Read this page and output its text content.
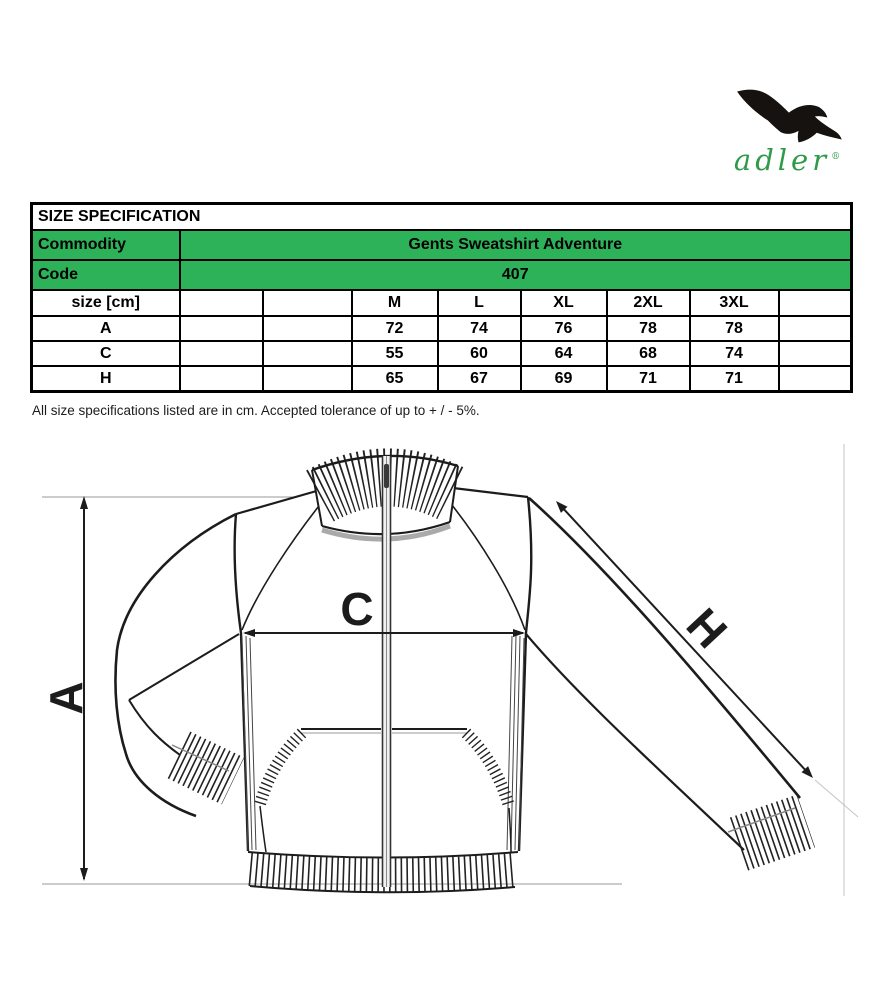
adler®
SIZE SPECIFICATION								
Commodity	Gents Sweatshirt Adventure							
Code	407							
size [cm]			M	L	XL	2XL	3XL	
A			72	74	76	78	78	
C			55	60	64	68	74	
H			65	67	69	71	71	
All size specifications listed are in cm. Accepted tolerance of up to + / - 5%.
A
C	H
